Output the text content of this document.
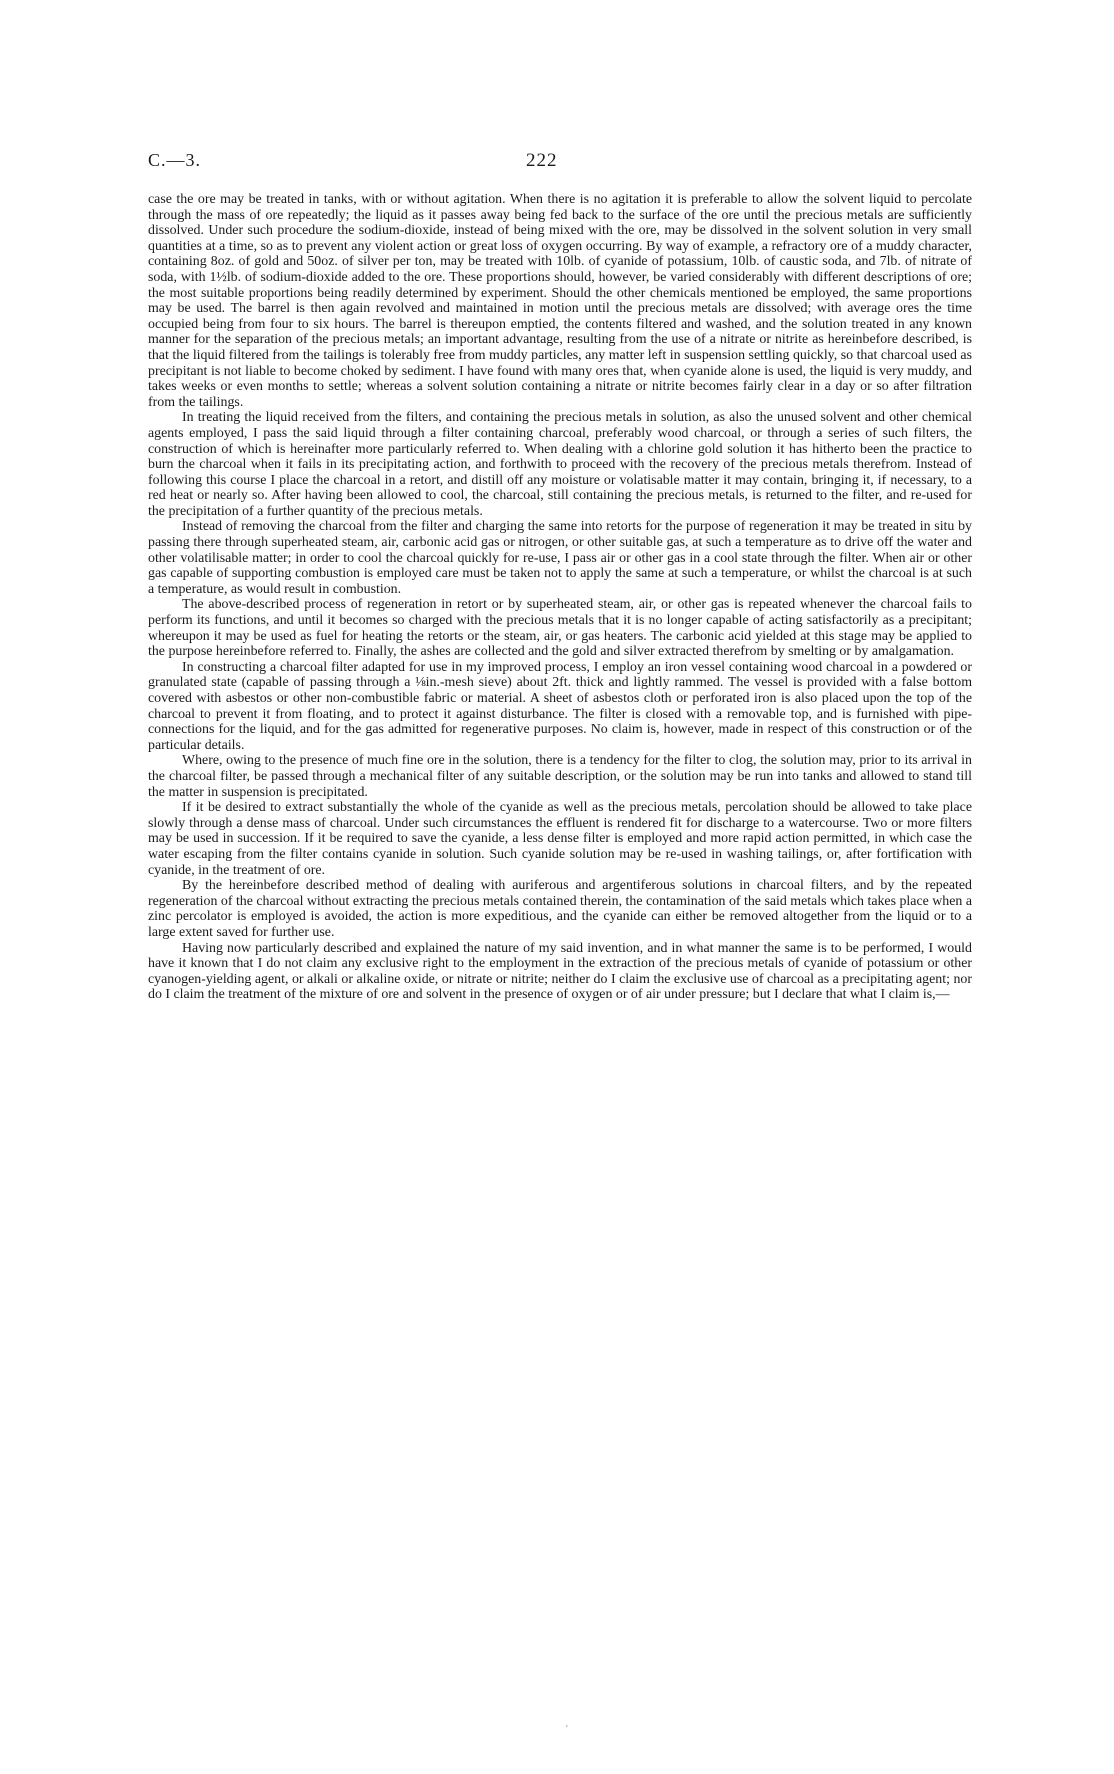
C.—3.	222

case the ore may be treated in tanks, with or without agitation. When there is no agitation it is preferable to allow the solvent liquid to percolate through the mass of ore repeatedly; the liquid as it passes away being fed back to the surface of the ore until the precious metals are sufficiently dissolved. Under such procedure the sodium-dioxide, instead of being mixed with the ore, may be dissolved in the solvent solution in very small quantities at a time, so as to prevent any violent action or great loss of oxygen occurring. By way of example, a refractory ore of a muddy character, containing 8oz. of gold and 50oz. of silver per ton, may be treated with 10lb. of cyanide of potassium, 10lb. of caustic soda, and 7lb. of nitrate of soda, with 1½lb. of sodium-dioxide added to the ore. These proportions should, however, be varied considerably with different descriptions of ore; the most suitable proportions being readily determined by experiment. Should the other chemicals mentioned be employed, the same proportions may be used. The barrel is then again revolved and maintained in motion until the precious metals are dissolved; with average ores the time occupied being from four to six hours. The barrel is thereupon emptied, the contents filtered and washed, and the solution treated in any known manner for the separation of the precious metals; an important advantage, resulting from the use of a nitrate or nitrite as hereinbefore described, is that the liquid filtered from the tailings is tolerably free from muddy particles, any matter left in suspension settling quickly, so that charcoal used as precipitant is not liable to become choked by sediment. I have found with many ores that, when cyanide alone is used, the liquid is very muddy, and takes weeks or even months to settle; whereas a solvent solution containing a nitrate or nitrite becomes fairly clear in a day or so after filtration from the tailings.

In treating the liquid received from the filters, and containing the precious metals in solution, as also the unused solvent and other chemical agents employed, I pass the said liquid through a filter containing charcoal, preferably wood charcoal, or through a series of such filters, the construction of which is hereinafter more particularly referred to. When dealing with a chlorine gold solution it has hitherto been the practice to burn the charcoal when it fails in its precipitating action, and forthwith to proceed with the recovery of the precious metals therefrom. Instead of following this course I place the charcoal in a retort, and distill off any moisture or volatisable matter it may contain, bringing it, if necessary, to a red heat or nearly so. After having been allowed to cool, the charcoal, still containing the precious metals, is returned to the filter, and re-used for the precipitation of a further quantity of the precious metals.

Instead of removing the charcoal from the filter and charging the same into retorts for the purpose of regeneration it may be treated in situ by passing there through superheated steam, air, carbonic acid gas or nitrogen, or other suitable gas, at such a temperature as to drive off the water and other volatilisable matter; in order to cool the charcoal quickly for re-use, I pass air or other gas in a cool state through the filter. When air or other gas capable of supporting combustion is employed care must be taken not to apply the same at such a temperature, or whilst the charcoal is at such a temperature, as would result in combustion.

The above-described process of regeneration in retort or by superheated steam, air, or other gas is repeated whenever the charcoal fails to perform its functions, and until it becomes so charged with the precious metals that it is no longer capable of acting satisfactorily as a precipitant; whereupon it may be used as fuel for heating the retorts or the steam, air, or gas heaters. The carbonic acid yielded at this stage may be applied to the purpose hereinbefore referred to. Finally, the ashes are collected and the gold and silver extracted therefrom by smelting or by amalgamation.

In constructing a charcoal filter adapted for use in my improved process, I employ an iron vessel containing wood charcoal in a powdered or granulated state (capable of passing through a ⅛in.-mesh sieve) about 2ft. thick and lightly rammed. The vessel is provided with a false bottom covered with asbestos or other non-combustible fabric or material. A sheet of asbestos cloth or perforated iron is also placed upon the top of the charcoal to prevent it from floating, and to protect it against disturbance. The filter is closed with a removable top, and is furnished with pipe-connections for the liquid, and for the gas admitted for regenerative purposes. No claim is, however, made in respect of this construction or of the particular details.

Where, owing to the presence of much fine ore in the solution, there is a tendency for the filter to clog, the solution may, prior to its arrival in the charcoal filter, be passed through a mechanical filter of any suitable description, or the solution may be run into tanks and allowed to stand till the matter in suspension is precipitated.

If it be desired to extract substantially the whole of the cyanide as well as the precious metals, percolation should be allowed to take place slowly through a dense mass of charcoal. Under such circumstances the effluent is rendered fit for discharge to a watercourse. Two or more filters may be used in succession. If it be required to save the cyanide, a less dense filter is employed and more rapid action permitted, in which case the water escaping from the filter contains cyanide in solution. Such cyanide solution may be re-used in washing tailings, or, after fortification with cyanide, in the treatment of ore.

By the hereinbefore described method of dealing with auriferous and argentiferous solutions in charcoal filters, and by the repeated regeneration of the charcoal without extracting the precious metals contained therein, the contamination of the said metals which takes place when a zinc percolator is employed is avoided, the action is more expeditious, and the cyanide can either be removed altogether from the liquid or to a large extent saved for further use.

Having now particularly described and explained the nature of my said invention, and in what manner the same is to be performed, I would have it known that I do not claim any exclusive right to the employment in the extraction of the precious metals of cyanide of potassium or other cyanogen-yielding agent, or alkali or alkaline oxide, or nitrate or nitrite; neither do I claim the exclusive use of charcoal as a precipitating agent; nor do I claim the treatment of the mixture of ore and solvent in the presence of oxygen or of air under pressure; but I declare that what I claim is,—

'
